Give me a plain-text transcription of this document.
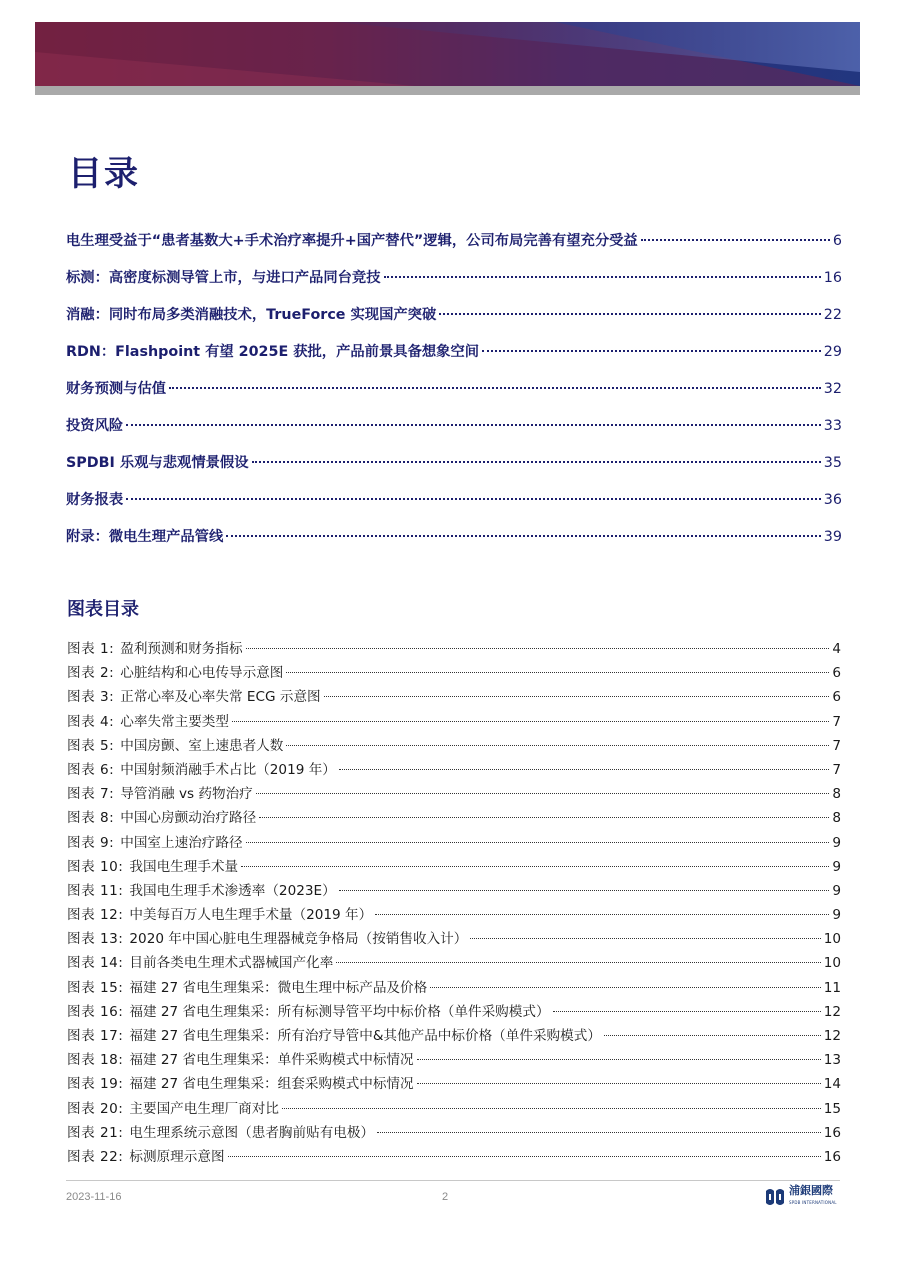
目录
电生理受益于“患者基数大+手术治疗率提升+国产替代”逻辑，公司布局完善有望充分受益	6
标测：高密度标测导管上市，与进口产品同台竞技	16
消融：同时布局多类消融技术，TrueForce 实现国产突破	22
RDN：Flashpoint 有望 2025E 获批，产品前景具备想象空间	29
财务预测与估值	32
投资风险	33
SPDBI 乐观与悲观情景假设	35
财务报表	36
附录：微电生理产品管线	39
图表目录
图表 1: 盈利预测和财务指标	4
图表 2: 心脏结构和心电传导示意图	6
图表 3: 正常心率及心率失常 ECG 示意图	6
图表 4: 心率失常主要类型	7
图表 5: 中国房颤、室上速患者人数	7
图表 6: 中国射频消融手术占比（2019 年）	7
图表 7: 导管消融 vs 药物治疗	8
图表 8: 中国心房颤动治疗路径	8
图表 9: 中国室上速治疗路径	9
图表 10: 我国电生理手术量	9
图表 11: 我国电生理手术渗透率（2023E）	9
图表 12: 中美每百万人电生理手术量（2019 年）	9
图表 13: 2020 年中国心脏电生理器械竞争格局（按销售收入计）	10
图表 14: 目前各类电生理术式器械国产化率	10
图表 15: 福建 27 省电生理集采：微电生理中标产品及价格	11
图表 16: 福建 27 省电生理集采：所有标测导管平均中标价格（单件采购模式）	12
图表 17: 福建 27 省电生理集采：所有治疗导管中&其他产品中标价格（单件采购模式）	12
图表 18: 福建 27 省电生理集采：单件采购模式中标情况	13
图表 19: 福建 27 省电生理集采：组套采购模式中标情况	14
图表 20: 主要国产电生理厂商对比	15
图表 21: 电生理系统示意图（患者胸前贴有电极）	16
图表 22: 标测原理示意图	16
2023-11-16	2	浦銀國際
SPDB INTERNATIONAL
